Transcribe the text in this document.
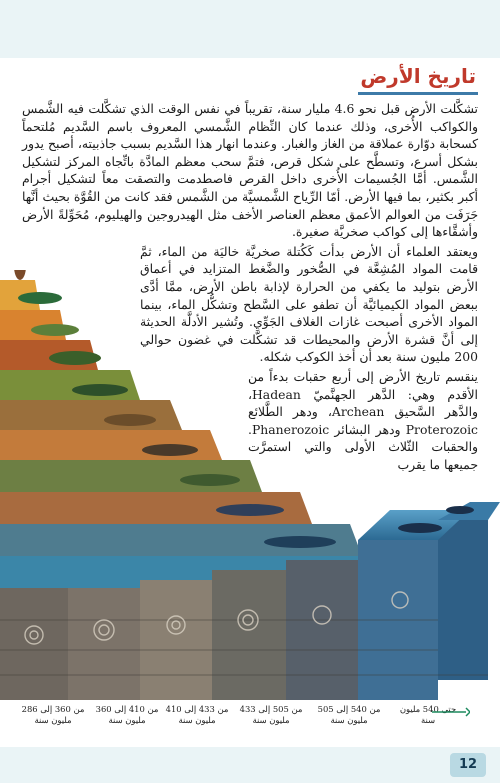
تاريخ الأرض

تشكَّلت الأرض قبل نحو 4.6 مليار سنة، تقريباً في نفس الوقت الذي تشكَّلت فيه الشَّمس والكواكب الأُخرى، وذلك عندما كان النِّظام الشَّمسي المعروف باسم السَّديم مُلتحماً كسحابة دوّارة عملاقة من الغاز والغبار. وعندما انهار هذا السَّديم بسبب جاذبيته، أصبح يدور بشكل أسرع، وتسطَّح على شكل قرص، فتمَّ سحب معظم المادَّة باتِّجاه المركز لتشكيل الشَّمس. أمَّا الجُسيمات الأُخرى داخل القرص فاصطدمت والتصقت معاً لتشكيل أجرام أكبر بكثير، بما فيها الأرض. أمّا الرِّياح الشَّمسيَّة من الشَّمس فقد كانت من القُوَّة بحيث أنَّها جَرَفَت من العوالم الأعمق معظم العناصر الأخف مثل الهيدروجين والهيليوم، مُحَوِّلةً الأرض وأشقَّاءها إلى كواكب صخريَّة صغيرة.

ويعتقد العلماء أن الأرض بدأت كَكُتلة صخريَّة خاليَة من الماء، ثمَّ قامت المواد المُشِعَّة في الصُّخور والضَّغط المتزايد في أعماق الأرض بتوليد ما يكفي من الحرارة لإذابة باطن الأرض، ممَّا أدَّى ببعض المواد الكيميائيَّة أن تطفو على السَّطح وتشكُّل الماء، بينما المواد الأخرى أصبحت غازات الغلاف الجَوِّي. وتُشير الأدلَّة الحديثة إلى أنَّ قشرة الأرض والمحيطات قد تشكَّلت في غضون حوالي 200 مليون سنة بعد أن أخذ الكوكب شكله.

ينقسم تاريخ الأرض إلى أربع حقبات بدءاً من الأقدم وهي: الدَّهر الجهنَّميّ Hadean، والدَّهر السَّحيق Archean، ودهر الطَّلائع Proterozoic ودهر البشائر Phanerozoic. والحقبات الثّلاث الأولى والتي استمرَّت جميعها ما يقرب

حتى 540 مليون سنة
من 540 إلى 505 مليون سنة
من 505 إلى 433 مليون سنة
من 433 إلى 410 مليون سنة
من 410 إلى 360 مليون سنة
من 360 إلى 286 مليون سنة
12
